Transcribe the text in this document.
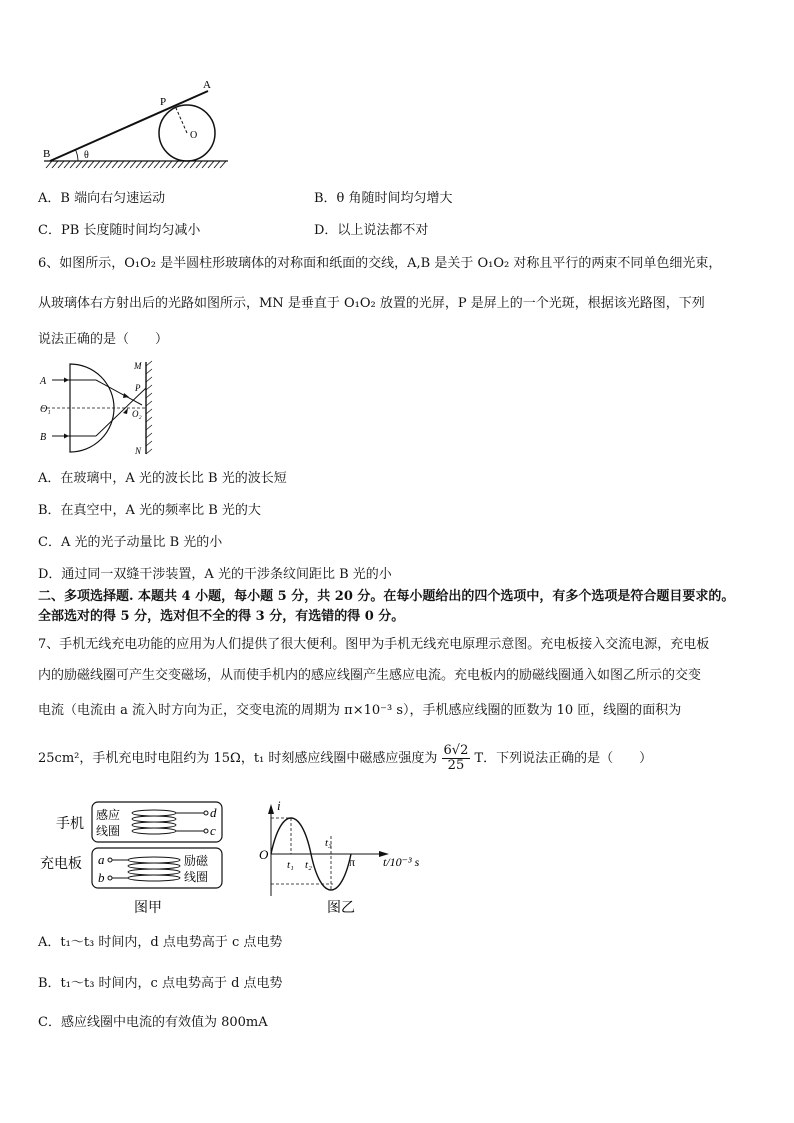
A
P
O
B	θ
A．B 端向右匀速运动	B．θ 角随时间均匀增大
C．PB 长度随时间均匀减小	D．以上说法都不对
6、如图所示，O₁O₂ 是半圆柱形玻璃体的对称面和纸面的交线，A,B 是关于 O₁O₂ 对称且平行的两束不同单色细光束，
从玻璃体右方射出后的光路如图所示，MN 是垂直于 O₁O₂ 放置的光屏，P 是屏上的一个光斑，根据该光路图，下列
说法正确的是（　　）
A
O₁
B
M
P
O₂
N
A．在玻璃中，A 光的波长比 B 光的波长短
B．在真空中，A 光的频率比 B 光的大
C．A 光的光子动量比 B 光的小
D．通过同一双缝干涉装置，A 光的干涉条纹间距比 B 光的小
二、多项选择题. 本题共 4 小题，每小题 5 分，共 20 分。在每小题给出的四个选项中，有多个选项是符合题目要求的。
全部选对的得 5 分，选对但不全的得 3 分，有选错的得 0 分。
7、手机无线充电功能的应用为人们提供了很大便利。图甲为手机无线充电原理示意图。充电板接入交流电源，充电板
内的励磁线圈可产生交变磁场，从而使手机内的感应线圈产生感应电流。充电板内的励磁线圈通入如图乙所示的交变
电流（电流由 a 流入时方向为正，交变电流的周期为 π×10⁻³ s），手机感应线圈的匝数为 10 匝，线圈的面积为
25cm²，手机充电时电阻约为 15Ω，t₁ 时刻感应线圈中磁感应强度为 $\frac{6√2}{25}$ T．下列说法正确的是（　　）
手机
充电板
感应
线圈
d
c
a
b
励磁
线圈
图甲
i
O
t₁ t₂
t₃
π t/10⁻³ s
图乙
A．t₁～t₃ 时间内，d 点电势高于 c 点电势
B．t₁～t₃ 时间内，c 点电势高于 d 点电势
C．感应线圈中电流的有效值为 800mA
